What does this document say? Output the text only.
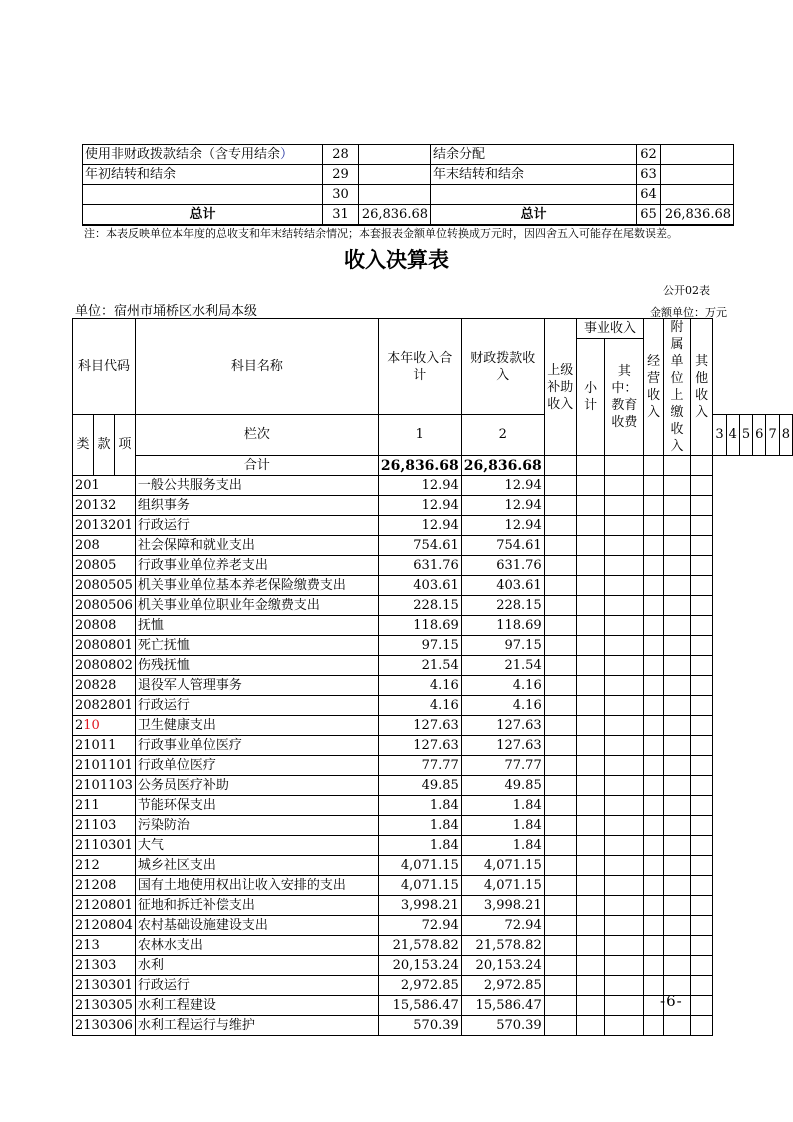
使用非财政拨款结余（含专用结余）	28		结余分配	62	
年初结转和结余	29		年末结转和结余	63	
	30			64	
总计	31	26,836.68	总计	65	26,836.68
注：本表反映单位本年度的总收支和年末结转结余情况；本套报表金额单位转换成万元时，因四舍五入可能存在尾数误差。
收入决算表
公开02表
单位：宿州市埇桥区水利局本级	金额单位：万元
科目代码			科目名称	本年收入合计	财政拨款收入	上级补助收入	事业收入		经营收入	附属单位上缴收入	其他收入						
							小计	其中：教育收费									

类	款	项	栏次	1	2							3	4	5	6	7	8
			合计	26,836.68	26,836.68												
201			一般公共服务支出	12.94	12.94												
20132			组织事务	12.94	12.94												
2013201			行政运行	12.94	12.94												
208			社会保障和就业支出	754.61	754.61												
20805			行政事业单位养老支出	631.76	631.76												
2080505			机关事业单位基本养老保险缴费支出	403.61	403.61												
2080506			机关事业单位职业年金缴费支出	228.15	228.15												
20808			抚恤	118.69	118.69												
2080801			死亡抚恤	97.15	97.15												
2080802			伤残抚恤	21.54	21.54												
20828			退役军人管理事务	4.16	4.16												
2082801			行政运行	4.16	4.16												
210			卫生健康支出	127.63	127.63												
21011			行政事业单位医疗	127.63	127.63												
2101101			行政单位医疗	77.77	77.77												
2101103			公务员医疗补助	49.85	49.85												
211			节能环保支出	1.84	1.84												
21103			污染防治	1.84	1.84												
2110301			大气	1.84	1.84												
212			城乡社区支出	4,071.15	4,071.15												
21208			国有土地使用权出让收入安排的支出	4,071.15	4,071.15												
2120801			征地和拆迁补偿支出	3,998.21	3,998.21												
2120804			农村基础设施建设支出	72.94	72.94												
213			农林水支出	21,578.82	21,578.82												
21303			水利	20,153.24	20,153.24												
2130301			行政运行	2,972.85	2,972.85												
2130305			水利工程建设	15,586.47	15,586.47												
2130306			水利工程运行与维护	570.39	570.39												
-6-
